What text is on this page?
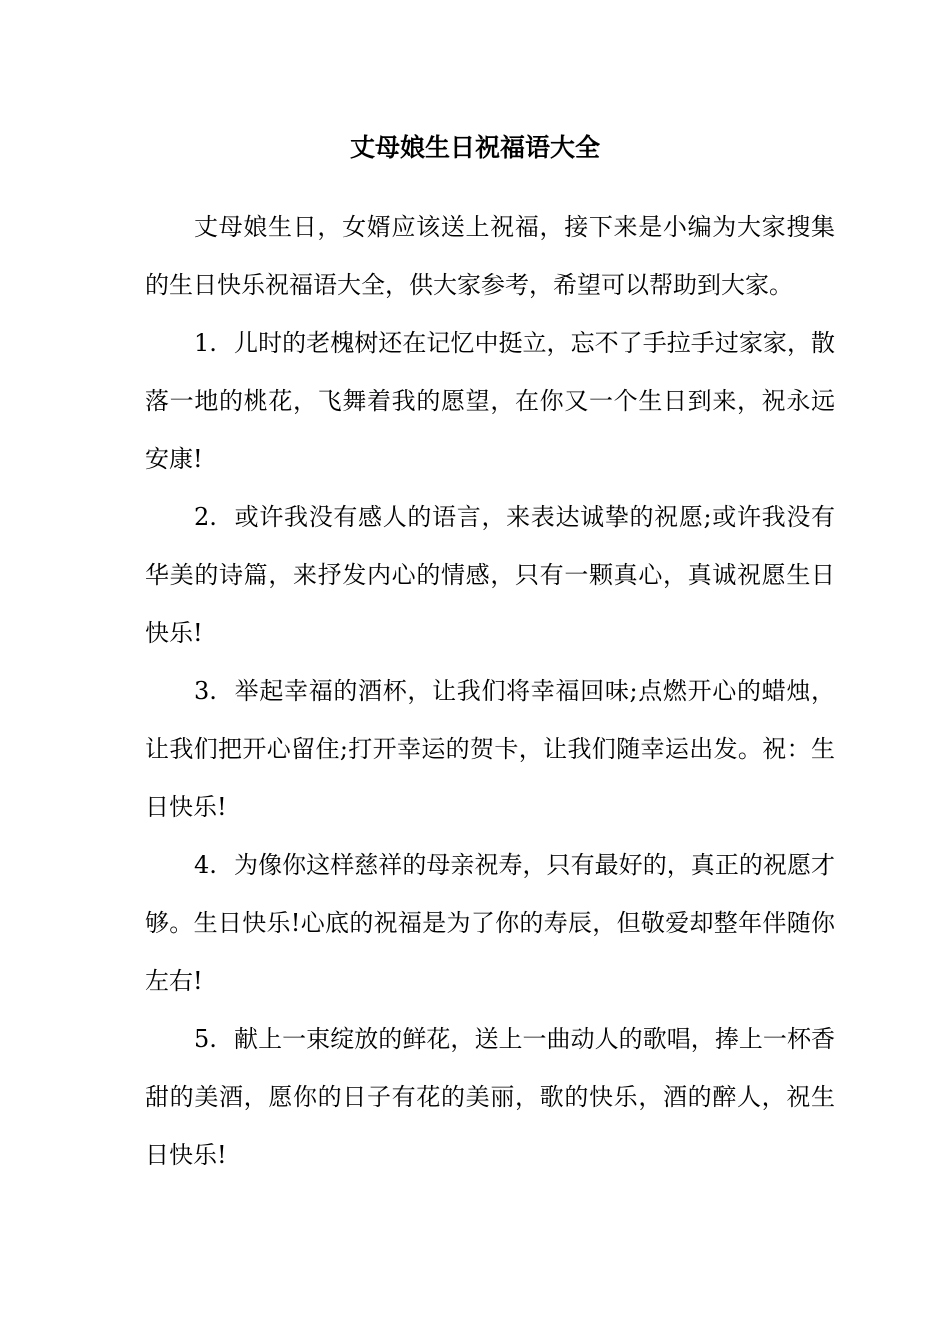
丈母娘生日祝福语大全

丈母娘生日，女婿应该送上祝福，接下来是小编为大家搜集的生日快乐祝福语大全，供大家参考，希望可以帮助到大家。

1. 儿时的老槐树还在记忆中挺立，忘不了手拉手过家家，散落一地的桃花，飞舞着我的愿望，在你又一个生日到来，祝永远安康!

2. 或许我没有感人的语言，来表达诚挚的祝愿;或许我没有华美的诗篇，来抒发内心的情感，只有一颗真心，真诚祝愿生日快乐!

3. 举起幸福的酒杯，让我们将幸福回味;点燃开心的蜡烛，让我们把开心留住;打开幸运的贺卡，让我们随幸运出发。祝：生日快乐!

4. 为像你这样慈祥的母亲祝寿，只有最好的，真正的祝愿才够。生日快乐!心底的祝福是为了你的寿辰，但敬爱却整年伴随你左右!

5. 献上一束绽放的鲜花，送上一曲动人的歌唱，捧上一杯香甜的美酒，愿你的日子有花的美丽，歌的快乐，酒的醉人，祝生日快乐!
